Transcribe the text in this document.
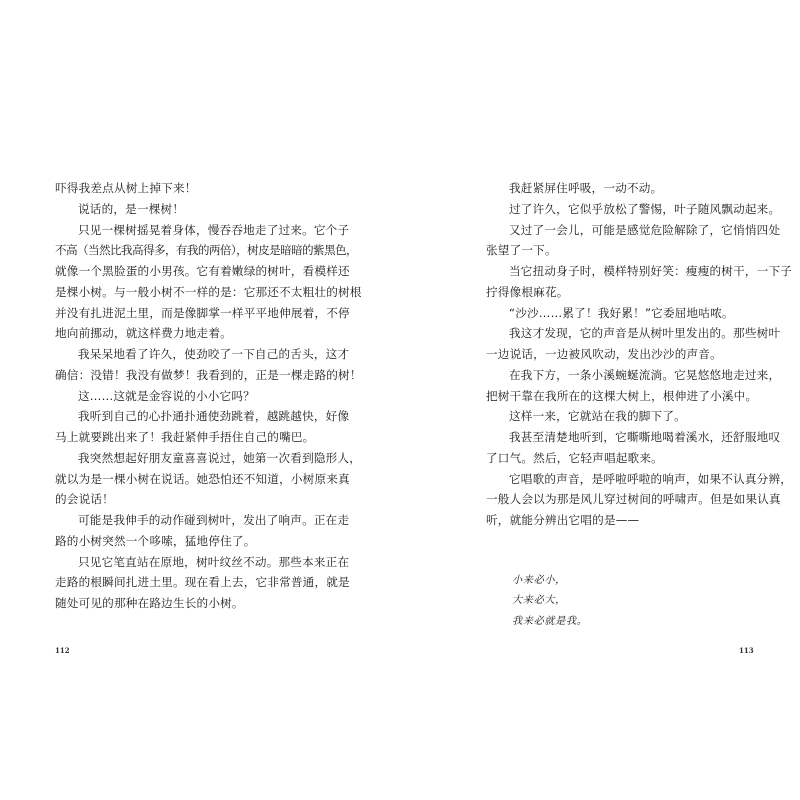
吓得我差点从树上掉下来！
说话的，是一棵树！
只见一棵树摇晃着身体，慢吞吞地走了过来。它个子
不高（当然比我高得多，有我的两倍），树皮是暗暗的紫黑色，
就像一个黑脸蛋的小男孩。它有着嫩绿的树叶，看模样还
是棵小树。与一般小树不一样的是：它那还不太粗壮的树根
并没有扎进泥土里，而是像脚掌一样平平地伸展着，不停
地向前挪动，就这样费力地走着。
我呆呆地看了许久，使劲咬了一下自己的舌头，这才
确信：没错！我没有做梦！我看到的，正是一棵走路的树！
这……这就是金容说的小小它吗？
我听到自己的心扑通扑通使劲跳着，越跳越快，好像
马上就要跳出来了！我赶紧伸手捂住自己的嘴巴。
我突然想起好朋友童喜喜说过，她第一次看到隐形人，
就以为是一棵小树在说话。她恐怕还不知道，小树原来真
的会说话！
可能是我伸手的动作碰到树叶，发出了响声。正在走
路的小树突然一个哆嗦，猛地停住了。
只见它笔直站在原地，树叶纹丝不动。那些本来正在
走路的根瞬间扎进土里。现在看上去，它非常普通，就是
随处可见的那种在路边生长的小树。
我赶紧屏住呼吸，一动不动。
过了许久，它似乎放松了警惕，叶子随风飘动起来。
又过了一会儿，可能是感觉危险解除了，它悄悄四处
张望了一下。
当它扭动身子时，模样特别好笑：瘦瘦的树干，一下子
拧得像根麻花。
“沙沙……累了！我好累！”它委屈地咕哝。
我这才发现，它的声音是从树叶里发出的。那些树叶
一边说话，一边被风吹动，发出沙沙的声音。
在我下方，一条小溪蜿蜒流淌。它晃悠悠地走过来，
把树干靠在我所在的这棵大树上，根伸进了小溪中。
这样一来，它就站在我的脚下了。
我甚至清楚地听到，它嘶嘶地喝着溪水，还舒服地叹
了口气。然后，它轻声唱起歌来。
它唱歌的声音，是呼啦呼啦的响声，如果不认真分辨，
一般人会以为那是风儿穿过树间的呼啸声。但是如果认真
听，就能分辨出它唱的是——
小来必小，
大来必大，
我来必就是我。
112	113
